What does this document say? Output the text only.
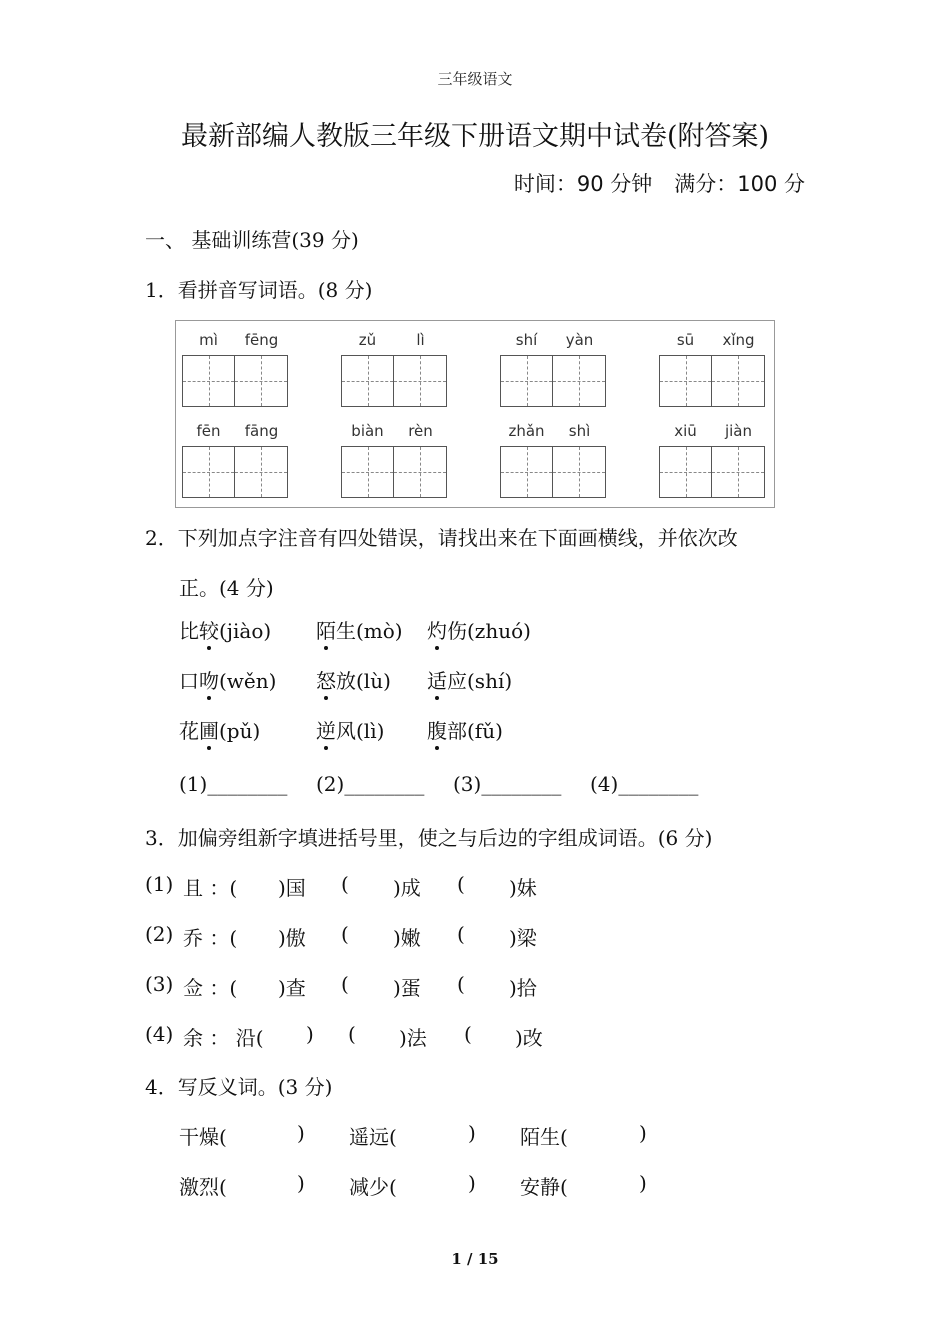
三年级语文
最新部编人教版三年级下册语文期中试卷(附答案)
时间：90 分钟 满分：100 分
一、 基础训练营(39 分)
1．看拼音写词语。(8 分)
mì	fēng	zǔ	lì	shí	yàn	sū	xǐng
fēn	fāng	biàn	rèn	zhǎn	shì	xiū	jiàn
2．下列加点字注音有四处错误，请找出来在下面画横线，并依次改
正。(4 分)
比较(jiào) 陌生(mò) 灼伤(zhuó)
口吻(wěn) 怒放(lù) 适应(shí)
花圃(pǔ)	逆风(lì) 腹部(fǔ)
(1)________ (2)________ (3)________ (4)________
3．加偏旁组新字填进括号里，使之与后边的字组成词语。(6 分)
(1) 且 ：( )国 ( )成 ( )妹
(2) 乔 ：( )傲 ( )嫩 ( )梁
(3) 佥 ：( )查 ( )蛋 ( )拾
(4) 余 ： 沿( ) ( )法 ( )改
4．写反义词。(3 分)
干燥(	) 遥远(	) 陌生(	)
激烈(	) 减少(	) 安静(	)
1 / 15
